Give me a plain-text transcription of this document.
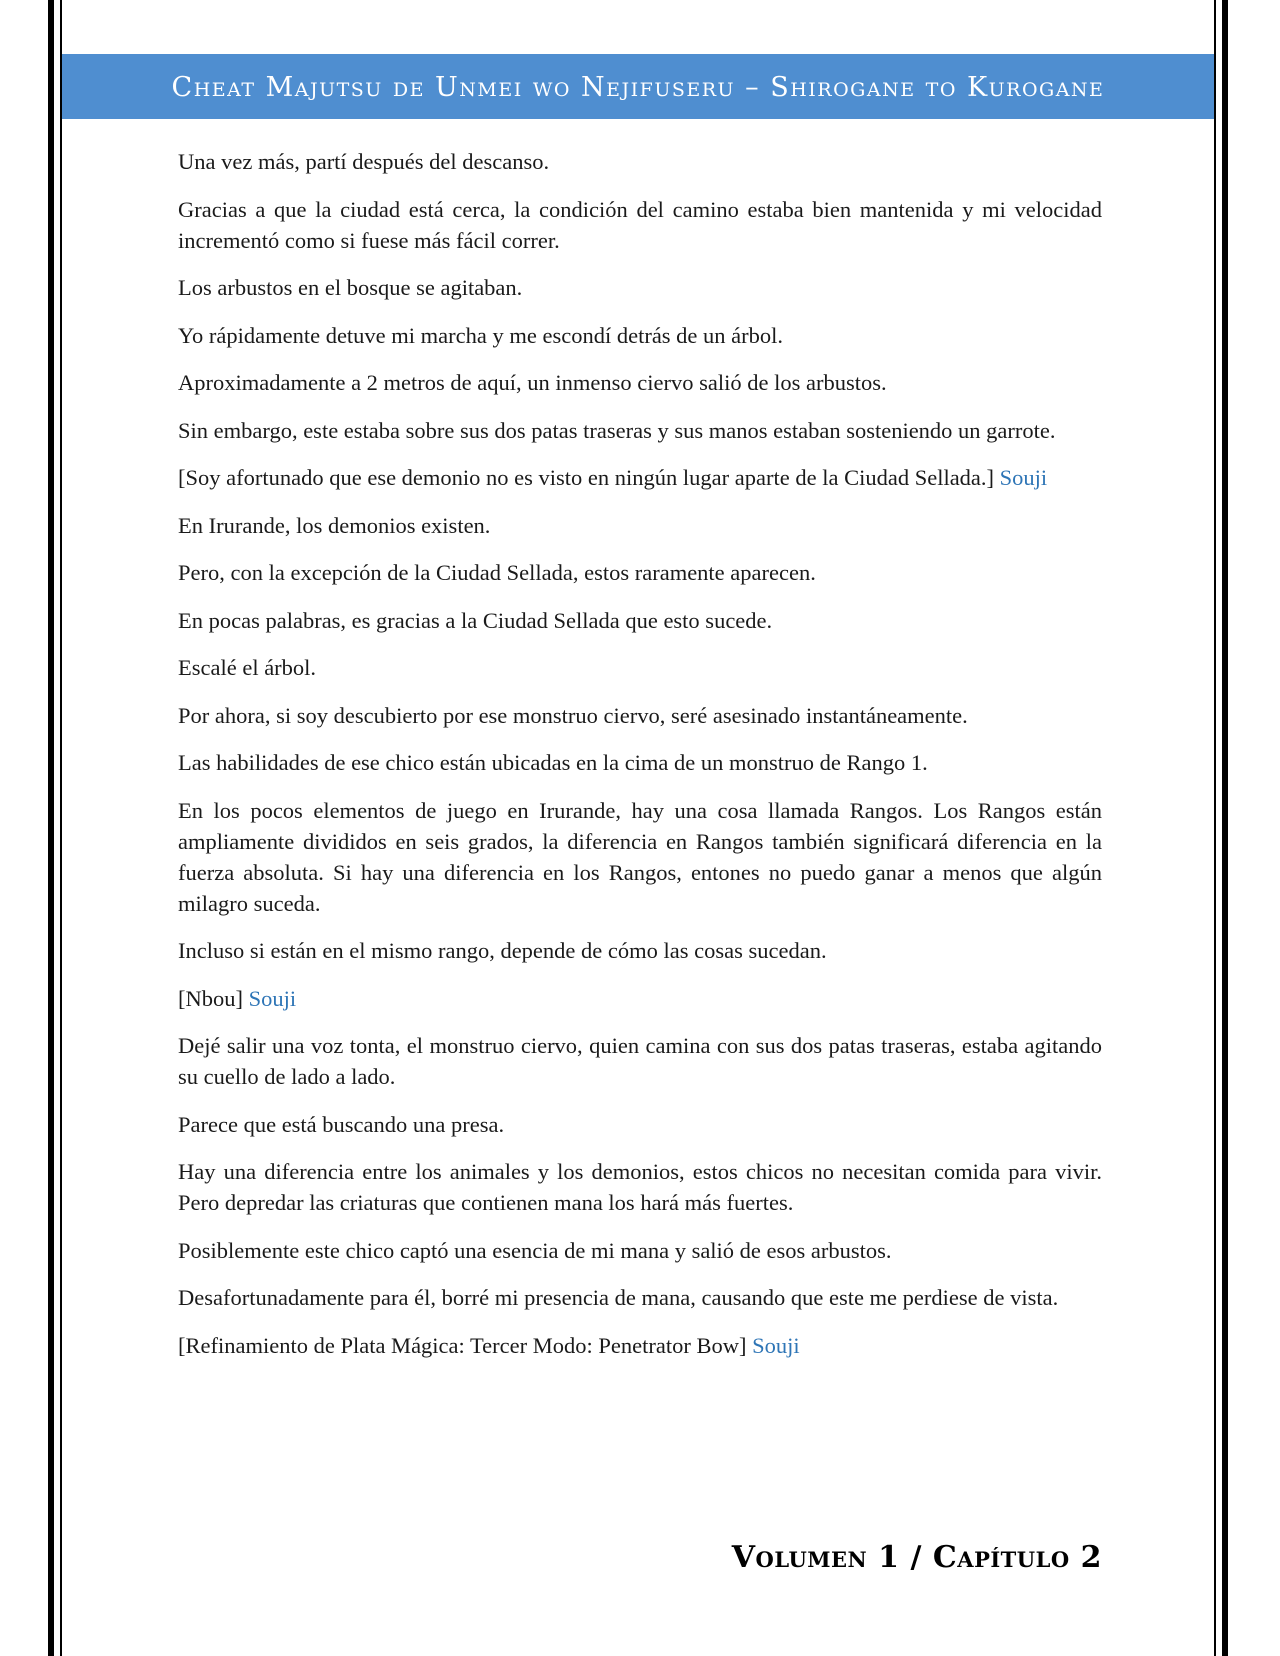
Cheat Majutsu de Unmei wo Nejifuseru – Shirogane to Kurogane

Una vez más, partí después del descanso.

Gracias a que la ciudad está cerca, la condición del camino estaba bien mantenida y mi velocidad incrementó como si fuese más fácil correr.

Los arbustos en el bosque se agitaban.

Yo rápidamente detuve mi marcha y me escondí detrás de un árbol.

Aproximadamente a 2 metros de aquí, un inmenso ciervo salió de los arbustos.

Sin embargo, este estaba sobre sus dos patas traseras y sus manos estaban sosteniendo un garrote.

[Soy afortunado que ese demonio no es visto en ningún lugar aparte de la Ciudad Sellada.] Souji

En Irurande, los demonios existen.

Pero, con la excepción de la Ciudad Sellada, estos raramente aparecen.

En pocas palabras, es gracias a la Ciudad Sellada que esto sucede.

Escalé el árbol.

Por ahora, si soy descubierto por ese monstruo ciervo, seré asesinado instantáneamente.

Las habilidades de ese chico están ubicadas en la cima de un monstruo de Rango 1.

En los pocos elementos de juego en Irurande, hay una cosa llamada Rangos. Los Rangos están ampliamente divididos en seis grados, la diferencia en Rangos también significará diferencia en la fuerza absoluta. Si hay una diferencia en los Rangos, entones no puedo ganar a menos que algún milagro suceda.

Incluso si están en el mismo rango, depende de cómo las cosas sucedan.

[Nbou] Souji

Dejé salir una voz tonta, el monstruo ciervo, quien camina con sus dos patas traseras, estaba agitando su cuello de lado a lado.

Parece que está buscando una presa.

Hay una diferencia entre los animales y los demonios, estos chicos no necesitan comida para vivir. Pero depredar las criaturas que contienen mana los hará más fuertes.

Posiblemente este chico captó una esencia de mi mana y salió de esos arbustos.

Desafortunadamente para él, borré mi presencia de mana, causando que este me perdiese de vista.

[Refinamiento de Plata Mágica: Tercer Modo: Penetrator Bow] Souji

Volumen 1 / Capítulo 2
